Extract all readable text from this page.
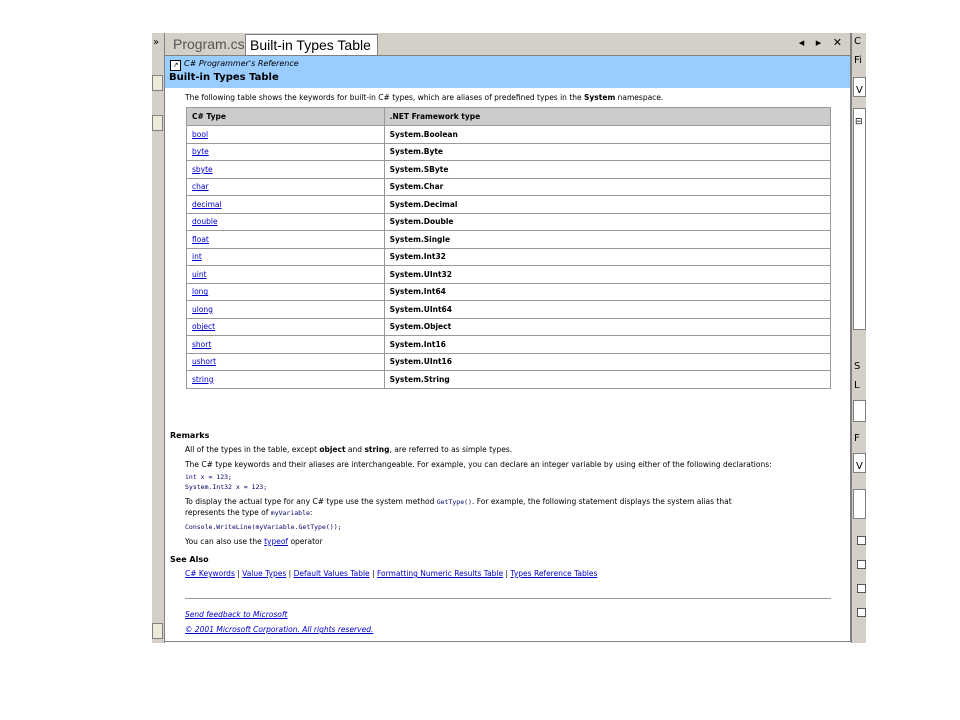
» Program.cs Built-in Types Table	◂ ▸ ✕
↗ C# Programmer's Reference
Built-in Types Table
The following table shows the keywords for built-in C# types, which are aliases of predefined types in the System namespace.
C# Type	.NET Framework type
bool	System.Boolean
byte	System.Byte
sbyte	System.SByte
char	System.Char
decimal	System.Decimal
double	System.Double
float	System.Single
int	System.Int32
uint	System.UInt32
long	System.Int64
ulong	System.UInt64
object	System.Object
short	System.Int16
ushort	System.UInt16
string	System.String
Remarks
All of the types in the table, except object and string, are referred to as simple types.
The C# type keywords and their aliases are interchangeable. For example, you can declare an integer variable by using either of the following declarations:
int x = 123;
System.Int32 x = 123;
To display the actual type for any C# type use the system method GetType(). For example, the following statement displays the system alias that
represents the type of myVariable:
Console.WriteLine(myVariable.GetType());
You can also use the typeof operator
See Also
C# Keywords | Value Types | Default Values Table | Formatting Numeric Results Table | Types Reference Tables
Send feedback to Microsoft
© 2001 Microsoft Corporation. All rights reserved.
C
Fi
V
⊟
S
L
F
V
